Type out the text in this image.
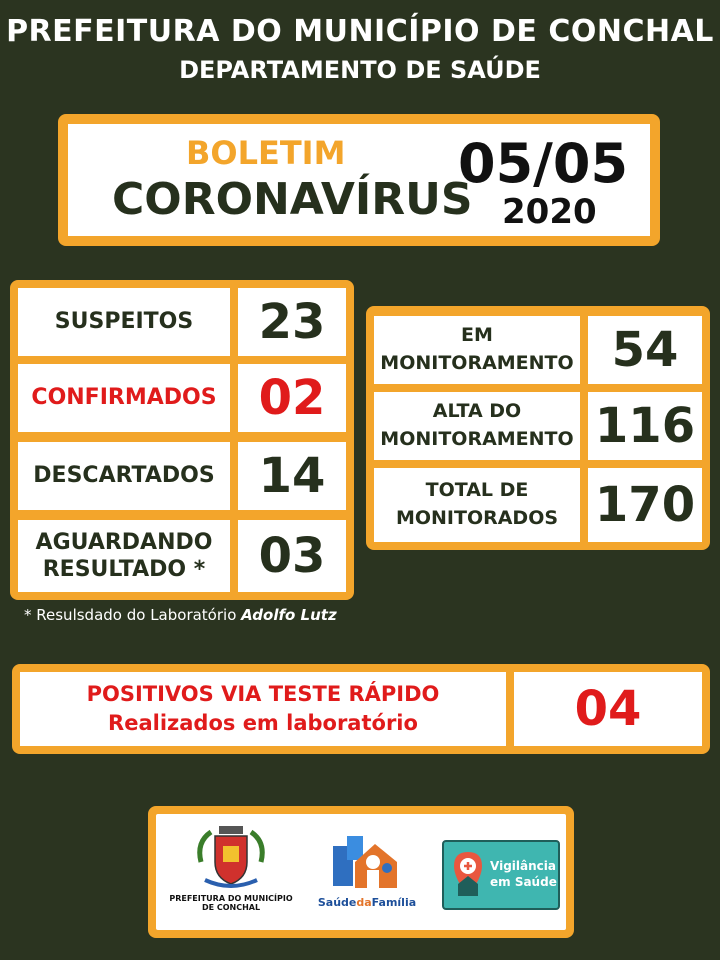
PREFEITURA DO MUNICÍPIO DE CONCHAL
DEPARTAMENTO DE SAÚDE
BOLETIM
CORONAVÍRUS
05/05
2020
SUSPEITOS	23
CONFIRMADOS 02
DESCARTADOS 14
AGUARDANDO
RESULTADO *	03
* Resulsdado do Laboratório Adolfo Lutz
EM
MONITORAMENTO 54
ALTA DO
MONITORAMENTO 116
TOTAL DE
MONITORADOS 170
POSITIVOS VIA TESTE RÁPIDO
Realizados em laboratório	04
PREFEITURA DO MUNICÍPIO
DE CONCHAL	SaúdedaFamília
Vigilância
em Saúde
